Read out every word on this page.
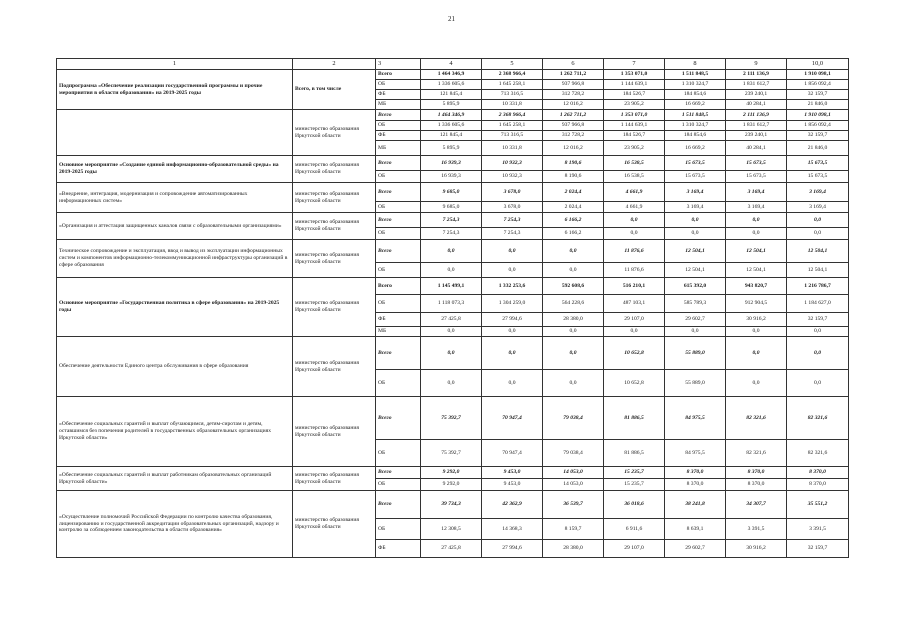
21
1	2	3	4	5	6	7	8	9	10,0
Подпрограмма «Обеспечение реализации государственной программы и прочие мероприятия в области образования» на 2019-2025 годы	Всего, в том числе	Всего	1 464 346,9	2 368 966,4	1 262 711,2	1 353 071,0	1 511 848,5	2 111 136,9	1 910 098,1
		ОБ	1 336 605,6	1 645 258,1	937 966,8	1 144 639,1	1 310 324,7	1 831 612,7	1 856 092,4
		ФБ	121 845,4	713 316,5	312 728,2	184 526,7	184 854,6	239 240,1	32 159,7
		МБ	5 895,9	10 331,8	12 016,2	23 905,2	16 669,2	40 284,1	21 846,0
	министерство образования Иркутской области	Всего	1 464 346,9	2 368 966,4	1 262 711,2	1 353 071,0	1 511 848,5	2 111 136,9	1 910 098,1
		ОБ	1 336 605,6	1 645 258,1	937 966,8	1 144 639,1	1 310 324,7	1 831 612,7	1 856 092,4
		ФБ	121 845,4	713 316,5	312 728,2	184 526,7	184 854,6	239 240,1	32 159,7
		МБ	5 895,9	10 331,8	12 016,2	23 905,2	16 669,2	40 284,1	21 846,0
Основное мероприятие «Создание единой информационно-образовательной среды» на 2019-2025 годы	министерство образования Иркутской области	Всего	16 939,3	10 932,3	8 190,6	16 538,5	15 673,5	15 673,5	15 673,5
		ОБ	16 939,3	10 932,3	8 190,6	16 538,5	15 673,5	15 673,5	15 673,5
«Внедрение, интеграция, модернизация и сопровождение автоматизированных информационных систем»	министерство образования Иркутской области	Всего	9 685,0	3 678,0	2 024,4	4 661,9	3 169,4	3 169,4	3 169,4
		ОБ	9 685,0	3 678,0	2 024,4	4 661,9	3 169,4	3 169,4	3 169,4
«Организация и аттестация защищенных каналов связи с образовательными организациями»	министерство образования Иркутской области	Всего	7 254,3	7 254,3	6 166,2	0,0	0,0	0,0	0,0
		ОБ	7 254,3	7 254,3	6 166,2	0,0	0,0	0,0	0,0
Техническое сопровождение и эксплуатация, ввод и вывод из эксплуатации информационных систем и компонентов информационно-телекоммуникационной инфраструктуры организаций в сфере образования	министерство образования Иркутской области	Всего	0,0	0,0	0,0	11 876,6	12 504,1	12 504,1	12 504,1
		ОБ	0,0	0,0	0,0	11 876,6	12 504,1	12 504,1	12 504,1
Основное мероприятие «Государственная политика в сфере образования» на 2019-2025 годы	министерство образования Иркутской области	Всего	1 145 499,1	1 332 253,6	592 608,6	516 210,1	615 392,0	943 820,7	1 216 786,7
		ОБ	1 118 073,3	1 304 259,0	564 228,6	487 103,1	585 789,3	912 904,5	1 184 627,0
		ФБ	27 425,8	27 994,6	28 380,0	29 107,0	29 602,7	30 916,2	32 159,7
		МБ	0,0	0,0	0,0	0,0	0,0	0,0	0,0
Обеспечение деятельности Единого центра обслуживания в сфере образования	министерство образования Иркутской области	Всего	0,0	0,0	0,0	10 652,8	55 889,0	0,0	0,0
		ОБ	0,0	0,0	0,0	10 652,8	55 889,0	0,0	0,0
«Обеспечение социальных гарантий и выплат обучающимся, детям-сиротам и детям, оставшимся без попечения родителей в государственных образовательных организациях Иркутской области»	министерство образования Иркутской области	Всего	75 392,7	70 947,4	79 038,4	81 886,5	84 975,5	82 321,6	82 321,6
		ОБ	75 392,7	70 947,4	79 038,4	81 886,5	84 975,5	82 321,6	82 321,6
«Обеспечение социальных гарантий и выплат работникам образовательных организаций Иркутской области»	министерство образования Иркутской области	Всего	9 292,0	9 453,0	14 053,0	15 235,7	8 370,0	8 370,0	8 370,0
		ОБ	9 292,0	9 453,0	14 053,0	15 235,7	8 370,0	8 370,0	8 370,0
«Осуществление полномочий Российской Федерации по контролю качества образования, лицензированию и государственной аккредитации образовательных организаций, надзору и контролю за соблюдением законодательства в области образования»	министерство образования Иркутской области	Всего	39 734,3	42 362,9	36 539,7	36 018,6	38 241,8	34 307,7	35 551,2
		ОБ	12 308,5	14 368,3	8 159,7	6 911,6	8 639,1	3 391,5	3 391,5
		ФБ	27 425,8	27 994,6	28 380,0	29 107,0	29 602,7	30 916,2	32 159,7
